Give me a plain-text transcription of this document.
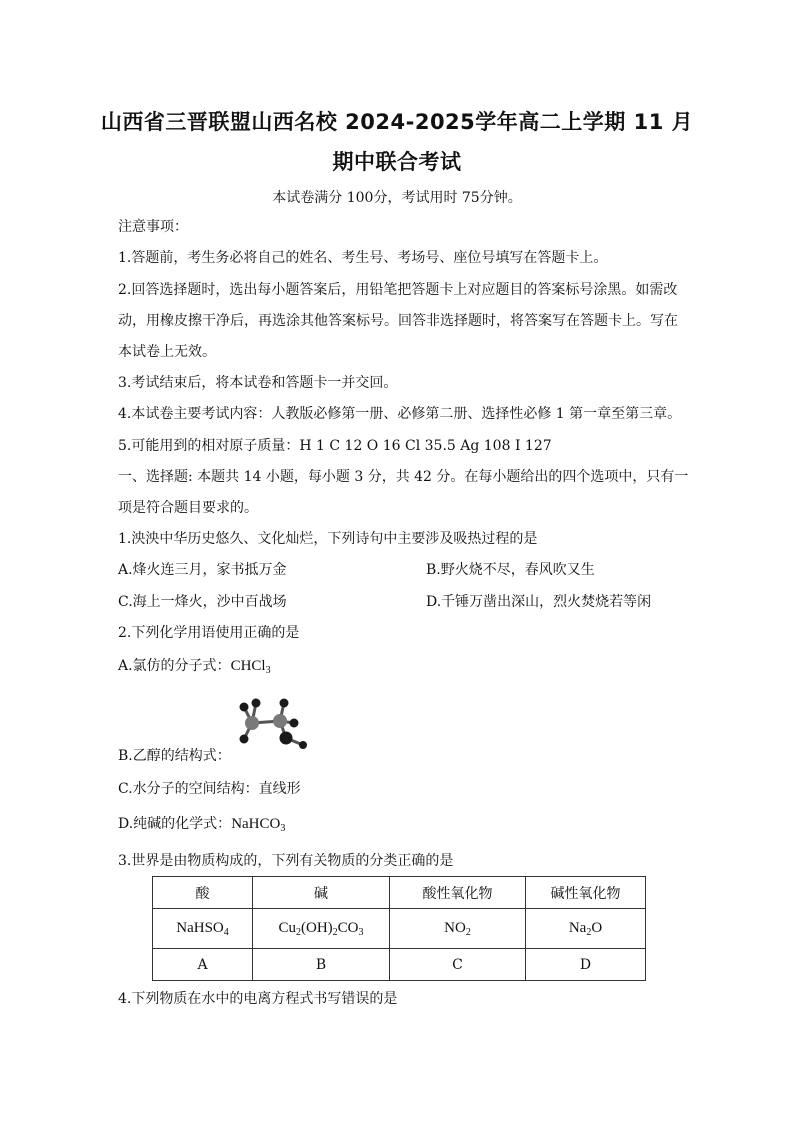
山西省三晋联盟山西名校 2024-2025学年高二上学期 11 月
期中联合考试
本试卷满分 100分，考试用时 75分钟。
注意事项：
1.答题前，考生务必将自己的姓名、考生号、考场号、座位号填写在答题卡上。
2.回答选择题时，选出每小题答案后，用铅笔把答题卡上对应题目的答案标号涂黑。如需改
动，用橡皮擦干净后，再选涂其他答案标号。回答非选择题时，将答案写在答题卡上。写在
本试卷上无效。
3.考试结束后，将本试卷和答题卡一并交回。
4.本试卷主要考试内容：人教版必修第一册、必修第二册、选择性必修 1 第一章至第三章。
5.可能用到的相对原子质量：H 1 C 12 O 16 Cl 35.5 Ag 108 I 127
一、选择题: 本题共 14 小题，每小题 3 分，共 42 分。在每小题给出的四个选项中，只有一
项是符合题目要求的。
1.泱泱中华历史悠久、文化灿烂，下列诗句中主要涉及吸热过程的是
A.烽火连三月，家书抵万金	B.野火烧不尽，春风吹又生
C.海上一烽火，沙中百战场	D.千锤万凿出深山，烈火焚烧若等闲
2.下列化学用语使用正确的是
A.氯仿的分子式：CHCl$_3$
B.乙醇的结构式：
C.水分子的空间结构：直线形
D.纯碱的化学式：NaHCO$_3$
3.世界是由物质构成的，下列有关物质的分类正确的是
酸	碱	酸性氧化物	碱性氧化物
NaHSO$_4$	$Cu_2(OH)_2CO_3$	$NO_2$	$Na_2O$
A	B	C	D
4.下列物质在水中的电离方程式书写错误的是
